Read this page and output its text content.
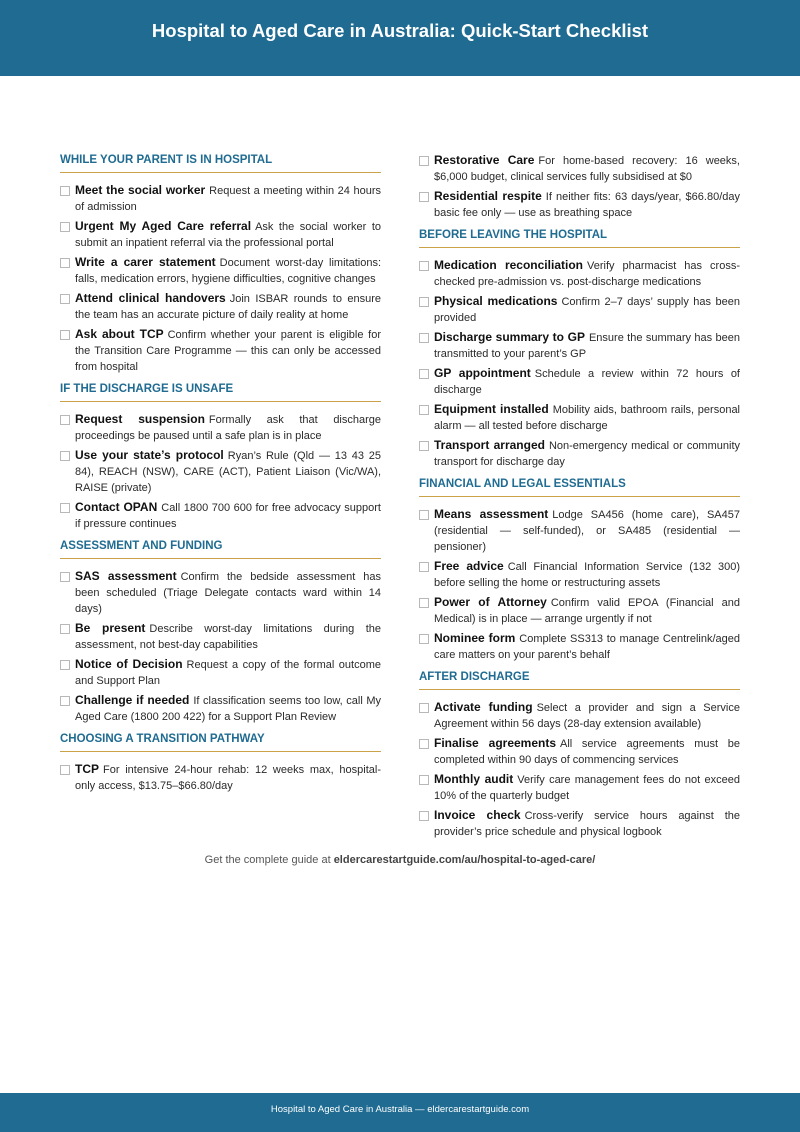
Hospital to Aged Care in Australia: Quick-Start Checklist
WHILE YOUR PARENT IS IN HOSPITAL
Meet the social worker Request a meeting within 24 hours of admission
Urgent My Aged Care referral Ask the social worker to submit an inpatient referral via the professional portal
Write a carer statement Document worst-day limitations: falls, medication errors, hygiene difficulties, cognitive changes
Attend clinical handovers Join ISBAR rounds to ensure the team has an accurate picture of daily reality at home
Ask about TCP Confirm whether your parent is eligible for the Transition Care Programme — this can only be accessed from hospital
IF THE DISCHARGE IS UNSAFE
Request suspension Formally ask that discharge proceedings be paused until a safe plan is in place
Use your state’s protocol Ryan’s Rule (Qld — 13 43 25 84), REACH (NSW), CARE (ACT), Patient Liaison (Vic/WA), RAISE (private)
Contact OPAN Call 1800 700 600 for free advocacy support if pressure continues
ASSESSMENT AND FUNDING
SAS assessment Confirm the bedside assessment has been scheduled (Triage Delegate contacts ward within 14 days)
Be present Describe worst-day limitations during the assessment, not best-day capabilities
Notice of Decision Request a copy of the formal outcome and Support Plan
Challenge if needed If classification seems too low, call My Aged Care (1800 200 422) for a Support Plan Review
CHOOSING A TRANSITION PATHWAY
TCP For intensive 24-hour rehab: 12 weeks max, hospital-only access, $13.75–$66.80/day
Restorative Care For home-based recovery: 16 weeks, $6,000 budget, clinical services fully subsidised at $0
Residential respite If neither fits: 63 days/year, $66.80/day basic fee only — use as breathing space
BEFORE LEAVING THE HOSPITAL
Medication reconciliation Verify pharmacist has cross-checked pre-admission vs. post-discharge medications
Physical medications Confirm 2–7 days’ supply has been provided
Discharge summary to GP Ensure the summary has been transmitted to your parent’s GP
GP appointment Schedule a review within 72 hours of discharge
Equipment installed Mobility aids, bathroom rails, personal alarm — all tested before discharge
Transport arranged Non-emergency medical or community transport for discharge day
FINANCIAL AND LEGAL ESSENTIALS
Means assessment Lodge SA456 (home care), SA457 (residential — self-funded), or SA485 (residential — pensioner)
Free advice Call Financial Information Service (132 300) before selling the home or restructuring assets
Power of Attorney Confirm valid EPOA (Financial and Medical) is in place — arrange urgently if not
Nominee form Complete SS313 to manage Centrelink/aged care matters on your parent’s behalf
AFTER DISCHARGE
Activate funding Select a provider and sign a Service Agreement within 56 days (28-day extension available)
Finalise agreements All service agreements must be completed within 90 days of commencing services
Monthly audit Verify care management fees do not exceed 10% of the quarterly budget
Invoice check Cross-verify service hours against the provider’s price schedule and physical logbook
Get the complete guide at eldercarestartguide.com/au/hospital-to-aged-care/
Hospital to Aged Care in Australia — eldercarestartguide.com
